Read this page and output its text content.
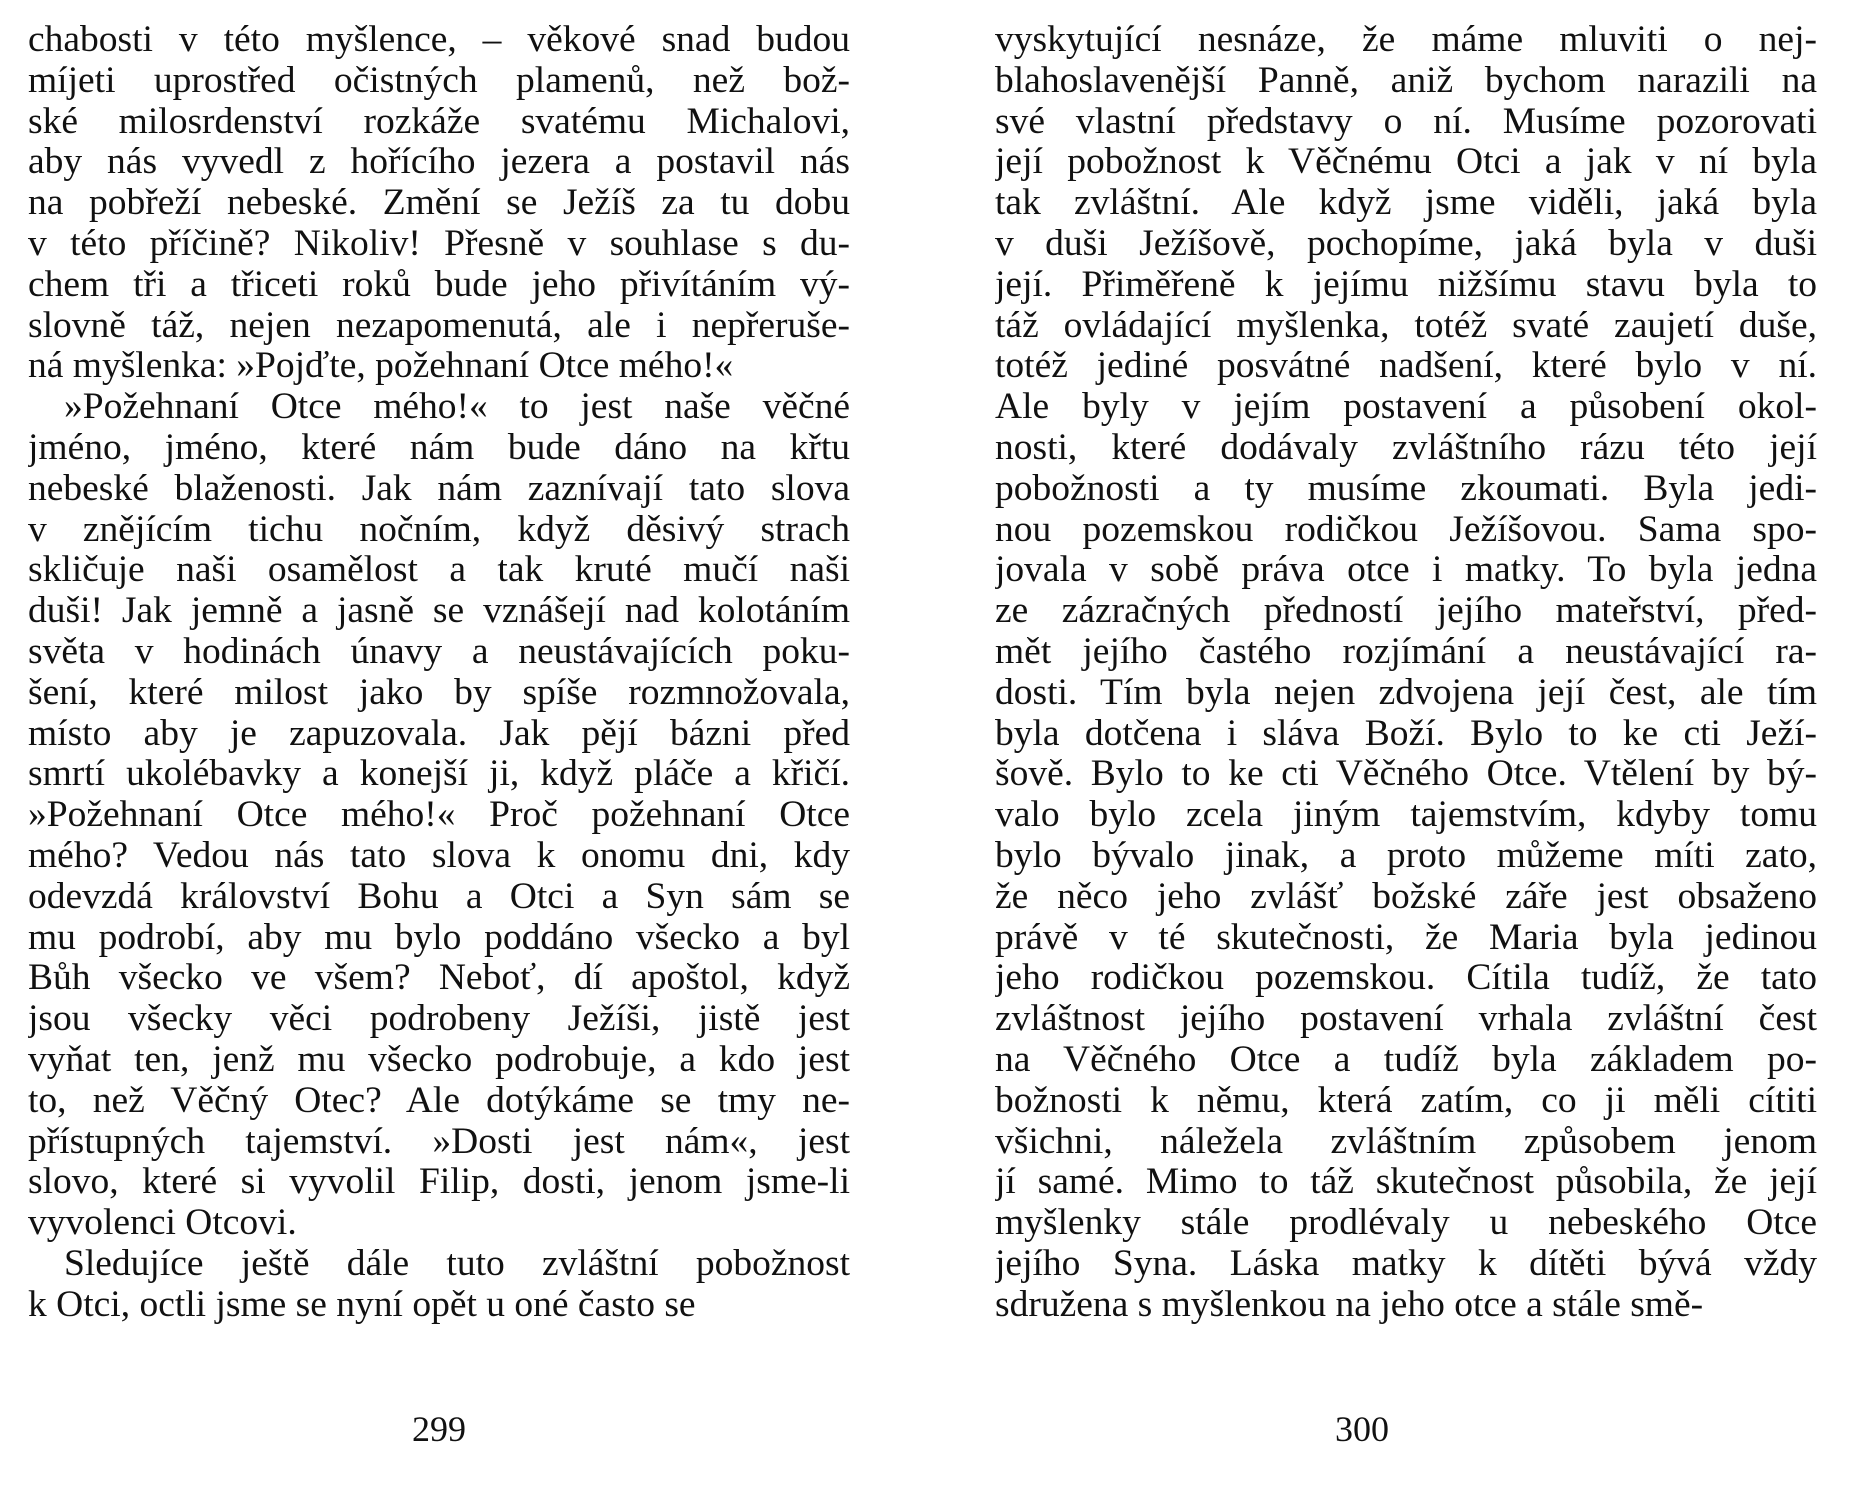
chabosti v této myšlence, – věkové snad budou
míjeti uprostřed očistných plamenů, než bož-
ské milosrdenství rozkáže svatému Michalovi,
aby nás vyvedl z hořícího jezera a postavil nás
na pobřeží nebeské. Změní se Ježíš za tu dobu
v této příčině? Nikoliv! Přesně v souhlase s du-
chem tři a třiceti roků bude jeho přivítáním vý-
slovně táž, nejen nezapomenutá, ale i nepřeruše-
ná myšlenka: »Pojďte, požehnaní Otce mého!«
»Požehnaní Otce mého!« to jest naše věčné
jméno, jméno, které nám bude dáno na křtu
nebeské blaženosti. Jak nám zaznívají tato slova
v znějícím tichu nočním, když děsivý strach
skličuje naši osamělost a tak kruté mučí naši
duši! Jak jemně a jasně se vznášejí nad kolotáním
světa v hodinách únavy a neustávajících poku-
šení, které milost jako by spíše rozmnožovala,
místo aby je zapuzovala. Jak pějí bázni před
smrtí ukolébavky a konejší ji, když pláče a křičí.
»Požehnaní Otce mého!« Proč požehnaní Otce
mého? Vedou nás tato slova k onomu dni, kdy
odevzdá království Bohu a Otci a Syn sám se
mu podrobí, aby mu bylo poddáno všecko a byl
Bůh všecko ve všem? Neboť, dí apoštol, když
jsou všecky věci podrobeny Ježíši, jistě jest
vyňat ten, jenž mu všecko podrobuje, a kdo jest
to, než Věčný Otec? Ale dotýkáme se tmy ne-
přístupných tajemství. »Dosti jest nám«, jest
slovo, které si vyvolil Filip, dosti, jenom jsme-li
vyvolenci Otcovi.
Sledujíce ještě dále tuto zvláštní pobožnost
k Otci, octli jsme se nyní opět u oné často se
299
vyskytující nesnáze, že máme mluviti o nej-
blahoslavenější Panně, aniž bychom narazili na
své vlastní představy o ní. Musíme pozorovati
její pobožnost k Věčnému Otci a jak v ní byla
tak zvláštní. Ale když jsme viděli, jaká byla
v duši Ježíšově, pochopíme, jaká byla v duši
její. Přiměřeně k jejímu nižšímu stavu byla to
táž ovládající myšlenka, totéž svaté zaujetí duše,
totéž jediné posvátné nadšení, které bylo v ní.
Ale byly v jejím postavení a působení okol-
nosti, které dodávaly zvláštního rázu této její
pobožnosti a ty musíme zkoumati. Byla jedi-
nou pozemskou rodičkou Ježíšovou. Sama spo-
jovala v sobě práva otce i matky. To byla jedna
ze zázračných předností jejího mateřství, před-
mět jejího častého rozjímání a neustávající ra-
dosti. Tím byla nejen zdvojena její čest, ale tím
byla dotčena i sláva Boží. Bylo to ke cti Ježí-
šově. Bylo to ke cti Věčného Otce. Vtělení by bý-
valo bylo zcela jiným tajemstvím, kdyby tomu
bylo bývalo jinak, a proto můžeme míti zato,
že něco jeho zvlášť božské záře jest obsaženo
právě v té skutečnosti, že Maria byla jedinou
jeho rodičkou pozemskou. Cítila tudíž, že tato
zvláštnost jejího postavení vrhala zvláštní čest
na Věčného Otce a tudíž byla základem po-
božnosti k němu, která zatím, co ji měli cítiti
všichni, náležela zvláštním způsobem jenom
jí samé. Mimo to táž skutečnost působila, že její
myšlenky stále prodlévaly u nebeského Otce
jejího Syna. Láska matky k dítěti bývá vždy
sdružena s myšlenkou na jeho otce a stále smě-
300
